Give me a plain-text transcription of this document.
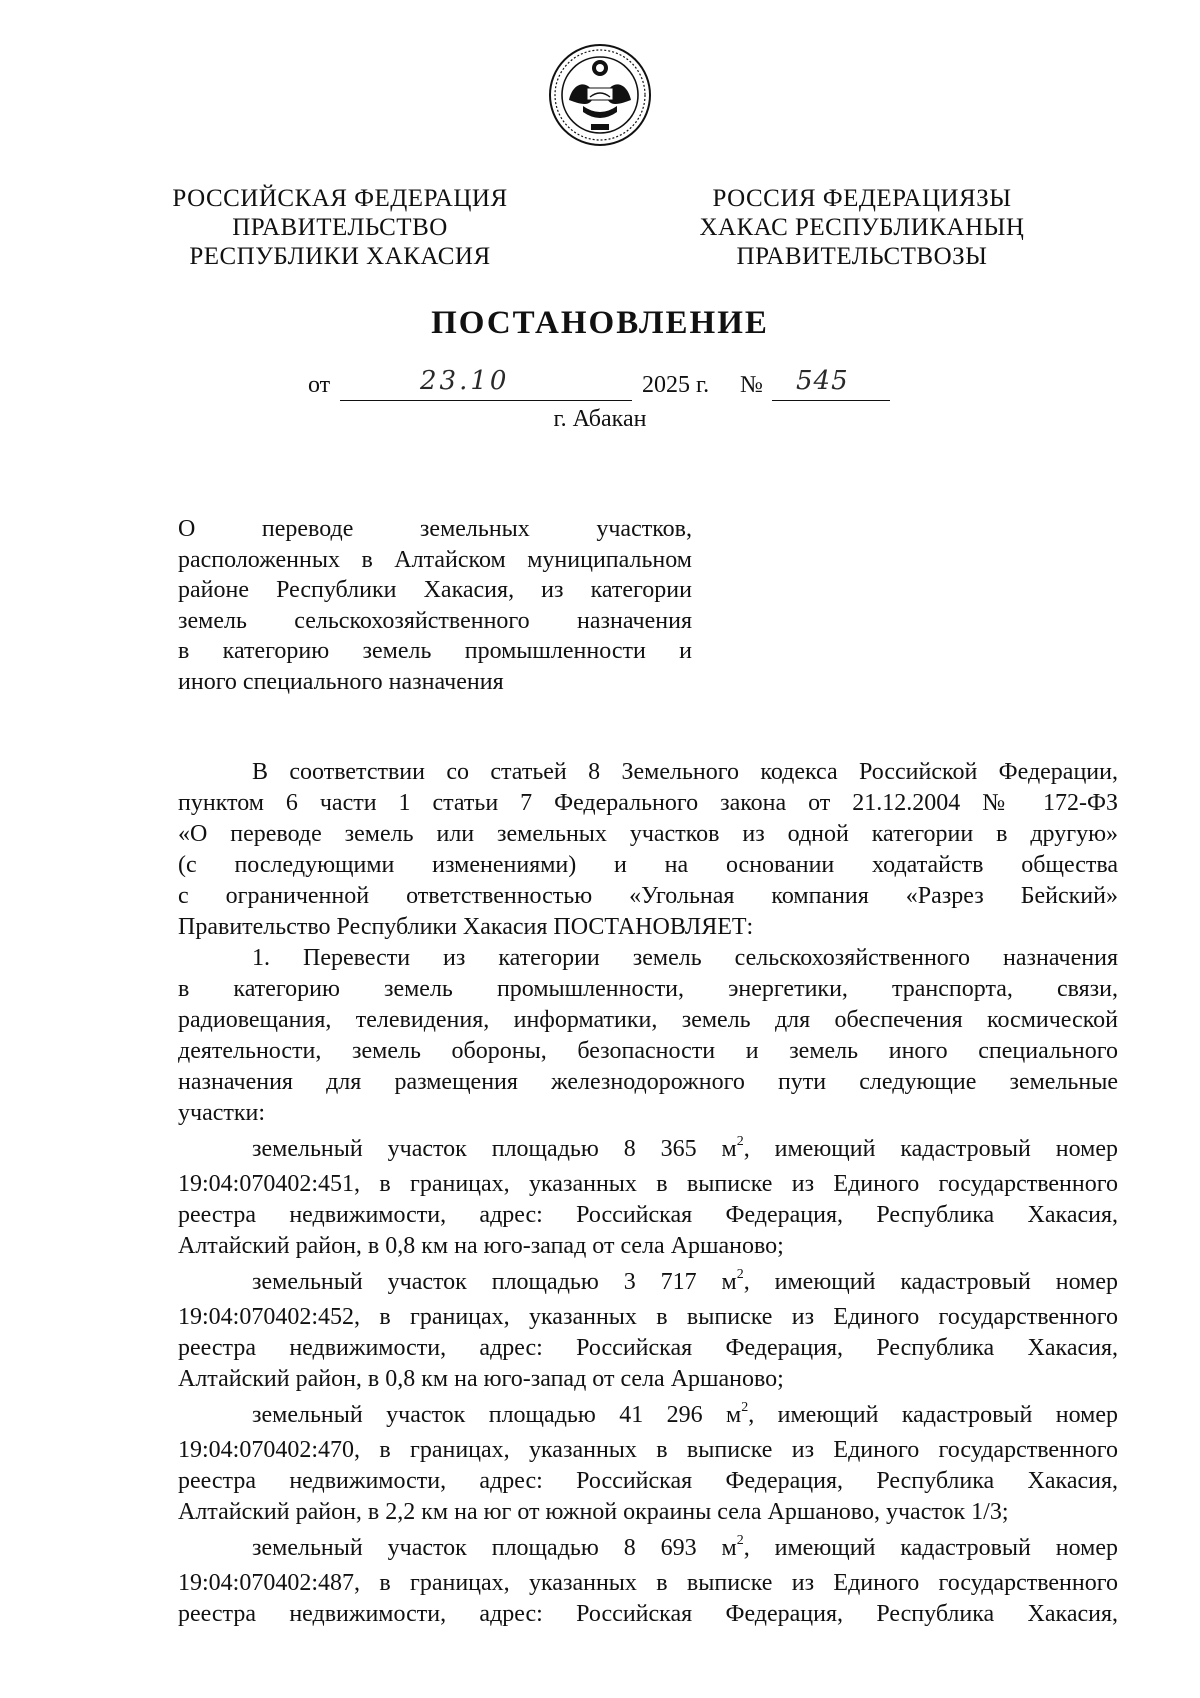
РОССИЙСКАЯ ФЕДЕРАЦИЯ
ПРАВИТЕЛЬСТВО
РЕСПУБЛИКИ ХАКАСИЯ
РОССИЯ ФЕДЕРАЦИЯЗЫ
ХАКАС РЕСПУБЛИКАНЫҢ
ПРАВИТЕЛЬСТВОЗЫ
ПОСТАНОВЛЕНИЕ
от	23.10	2025 г. № 545
г. Абакан
О переводе земельных участков,
расположенных в Алтайском муниципальном
районе Республики Хакасия, из категории
земель сельскохозяйственного назначения
в категорию земель промышленности и
иного специального назначения
В соответствии со статьей 8 Земельного кодекса Российской Федерации,
пунктом 6 части 1 статьи 7 Федерального закона от 21.12.2004 № 172-ФЗ
«О переводе земель или земельных участков из одной категории в другую»
(с последующими изменениями) и на основании ходатайств общества
с ограниченной ответственностью «Угольная компания «Разрез Бейский»
Правительство Республики Хакасия ПОСТАНОВЛЯЕТ:
1. Перевести из категории земель сельскохозяйственного назначения
в категорию земель промышленности, энергетики, транспорта, связи,
радиовещания, телевидения, информатики, земель для обеспечения космической
деятельности, земель обороны, безопасности и земель иного специального
назначения для размещения железнодорожного пути следующие земельные
участки:
земельный участок площадью 8 365 $м^2$, имеющий кадастровый номер
19:04:070402:451, в границах, указанных в выписке из Единого государственного
реестра недвижимости, адрес: Российская Федерация, Республика Хакасия,
Алтайский район, в 0,8 км на юго-запад от села Аршаново;
земельный участок площадью 3 717 $м^2$, имеющий кадастровый номер
19:04:070402:452, в границах, указанных в выписке из Единого государственного
реестра недвижимости, адрес: Российская Федерация, Республика Хакасия,
Алтайский район, в 0,8 км на юго-запад от села Аршаново;
земельный участок площадью 41 296 $м^2$, имеющий кадастровый номер
19:04:070402:470, в границах, указанных в выписке из Единого государственного
реестра недвижимости, адрес: Российская Федерация, Республика Хакасия,
Алтайский район, в 2,2 км на юг от южной окраины села Аршаново, участок 1/3;
земельный участок площадью 8 693 $м^2$, имеющий кадастровый номер
19:04:070402:487, в границах, указанных в выписке из Единого государственного
реестра недвижимости, адрес: Российская Федерация, Республика Хакасия,
